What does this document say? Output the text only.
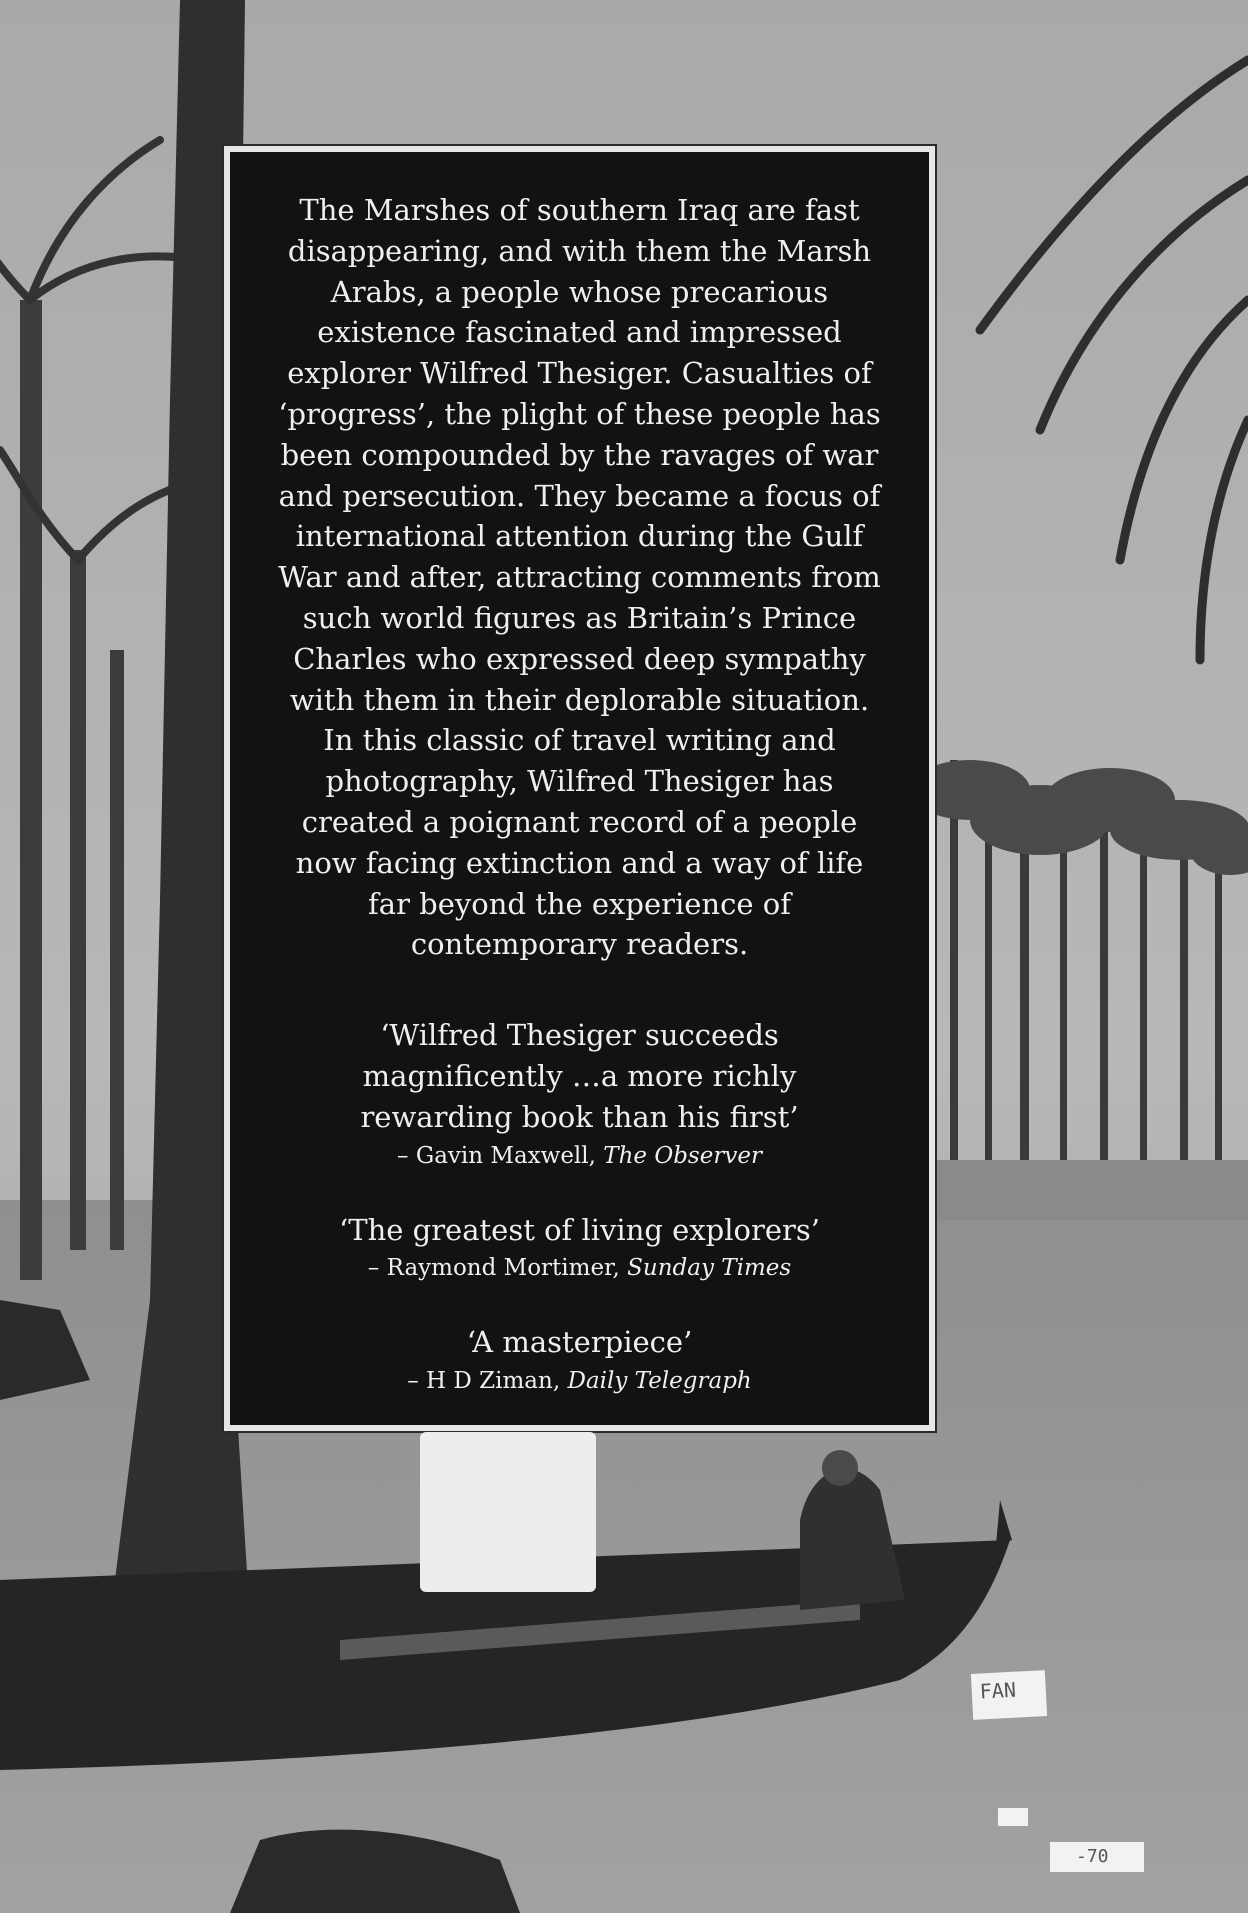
The Marshes of southern Iraq are fast
disappearing, and with them the Marsh
Arabs, a people whose precarious
existence fascinated and impressed
explorer Wilfred Thesiger. Casualties of
‘progress’, the plight of these people has
been compounded by the ravages of war
and persecution. They became a focus of
international attention during the Gulf
War and after, attracting comments from
such world figures as Britain’s Prince
Charles who expressed deep sympathy
with them in their deplorable situation.
In this classic of travel writing and
photography, Wilfred Thesiger has
created a poignant record of a people
now facing extinction and a way of life
far beyond the experience of
contemporary readers.
‘Wilfred Thesiger succeeds
magnificently …a more richly
rewarding book than his first’
– Gavin Maxwell, The Observer
‘The greatest of living explorers’
– Raymond Mortimer, Sunday Times
‘A masterpiece’
– H D Ziman, Daily Telegraph
FAN
-70
